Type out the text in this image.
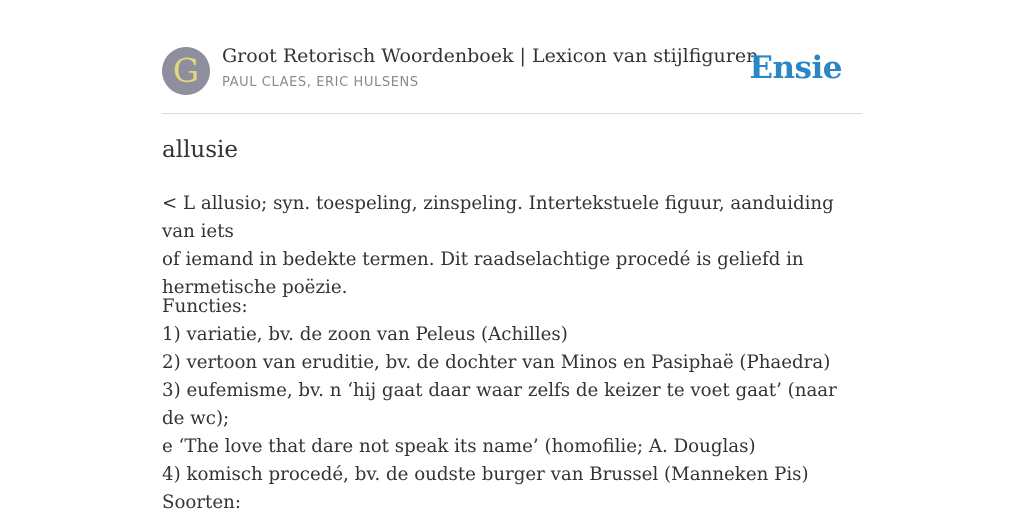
G	Groot Retorisch Woordenboek | Lexicon van stijlfiguren
PAUL CLAES, ERIC HULSENS	Ensie
allusie

< L allusio; syn. toespeling, zinspeling. Intertekstuele figuur, aanduiding van iets

of iemand in bedekte termen. Dit raadselachtige procedé is geliefd in

hermetische poëzie.

Functies:

1) variatie, bv. de zoon van Peleus (Achilles)

2) vertoon van eruditie, bv. de dochter van Minos en Pasiphaë (Phaedra)

3) eufemisme, bv. n ‘hij gaat daar waar zelfs de keizer te voet gaat’ (naar de wc);

e ‘The love that dare not speak its name’ (homofilie; A. Douglas)

4) komisch procedé, bv. de oudste burger van Brussel (Manneken Pis)

Soorten:
